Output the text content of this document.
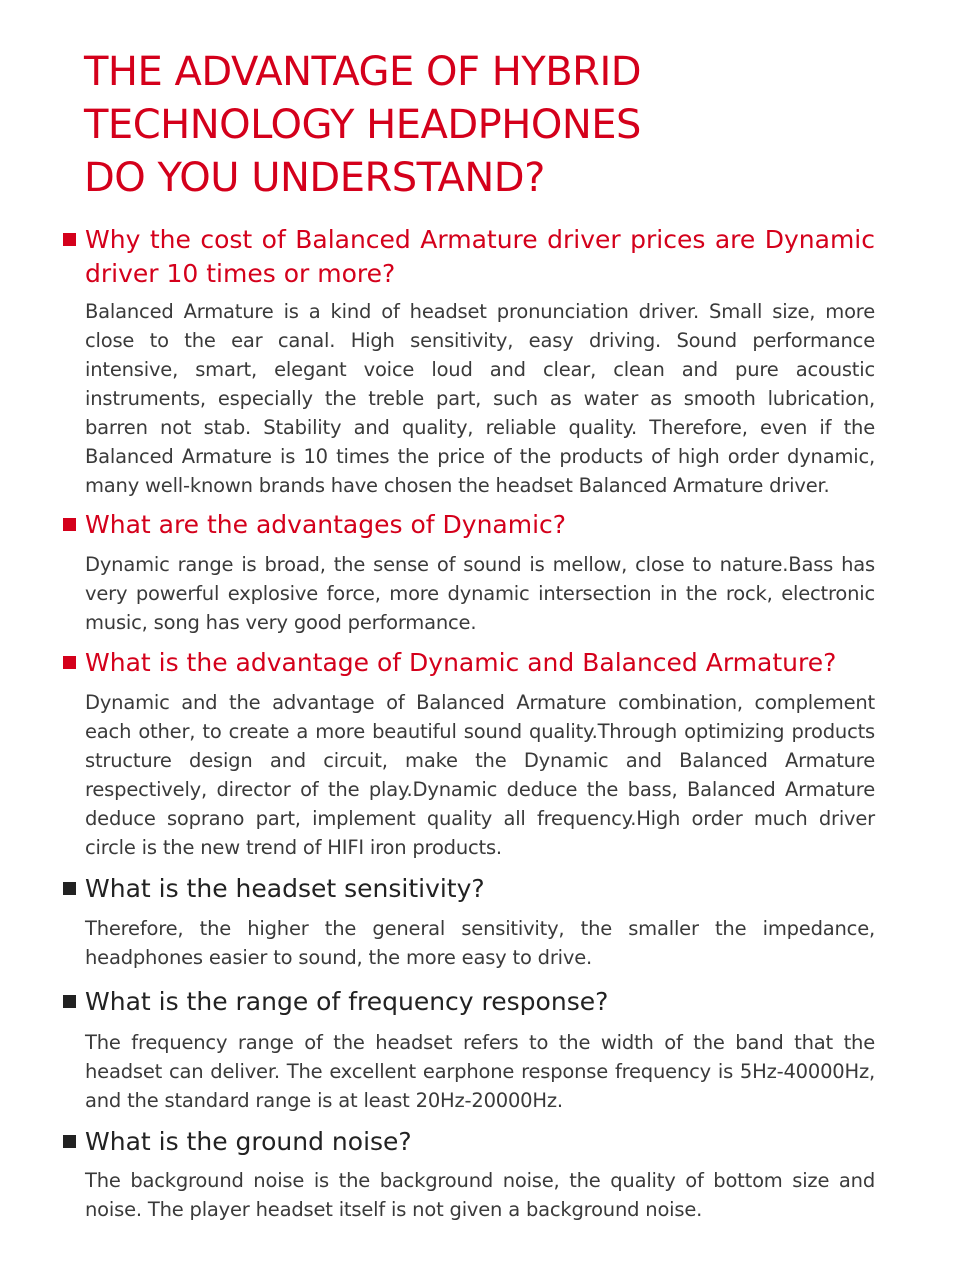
THE ADVANTAGE OF HYBRID
TECHNOLOGY HEADPHONES
DO YOU UNDERSTAND?
Why the cost of Balanced Armature driver prices are Dynamic driver 10 times or more?

Balanced Armature is a kind of headset pronunciation driver. Small size, more close to the ear canal. High sensitivity, easy driving. Sound performance intensive, smart, elegant voice loud and clear, clean and pure acoustic instruments, especially the treble part, such as water as smooth lubrication, barren not stab. Stability and quality, reliable quality. Therefore, even if the Balanced Armature is 10 times the price of the products of high order dynamic, many well-known brands have chosen the headset Balanced Armature driver.

What are the advantages of Dynamic?

Dynamic range is broad, the sense of sound is mellow, close to nature.Bass has very powerful explosive force, more dynamic intersection in the rock, electronic music, song has very good performance.

What is the advantage of Dynamic and Balanced Armature?

Dynamic and the advantage of Balanced Armature combination, complement each other, to create a more beautiful sound quality.Through optimizing products structure design and circuit, make the Dynamic and Balanced Armature respectively, director of the play.Dynamic deduce the bass, Balanced Armature deduce soprano part, implement quality all frequency.High order much driver circle is the new trend of HIFI iron products.

What is the headset sensitivity?

Therefore, the higher the general sensitivity, the smaller the impedance, headphones easier to sound, the more easy to drive.

What is the range of frequency response?

The frequency range of the headset refers to the width of the band that the headset can deliver. The excellent earphone response frequency is 5Hz-40000Hz, and the standard range is at least 20Hz-20000Hz.

What is the ground noise?

The background noise is the background noise, the quality of bottom size and noise. The player headset itself is not given a background noise.
